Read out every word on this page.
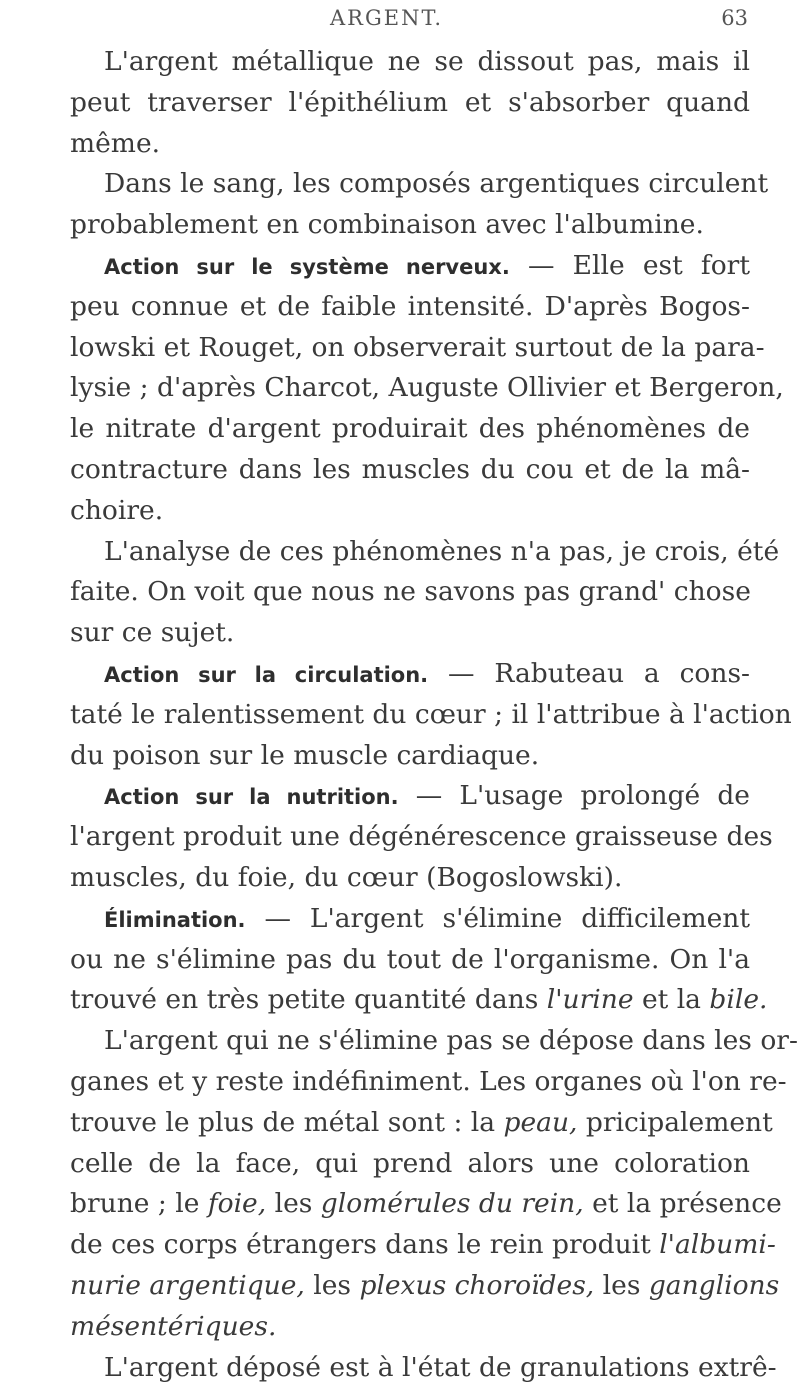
ARGENT.	63
L'argent métallique ne se dissout pas, mais il
peut traverser l'épithélium et s'absorber quand
même.
Dans le sang, les composés argentiques circulent
probablement en combinaison avec l'albumine.
Action sur le système nerveux. — Elle est fort
peu connue et de faible intensité. D'après Bogos-
lowski et Rouget, on observerait surtout de la para-
lysie ; d'après Charcot, Auguste Ollivier et Bergeron,
le nitrate d'argent produirait des phénomènes de
contracture dans les muscles du cou et de la mâ-
choire.
L'analyse de ces phénomènes n'a pas, je crois, été
faite. On voit que nous ne savons pas grand' chose
sur ce sujet.
Action sur la circulation. — Rabuteau a cons-
taté le ralentissement du cœur ; il l'attribue à l'action
du poison sur le muscle cardiaque.
Action sur la nutrition. — L'usage prolongé de
l'argent produit une dégénérescence graisseuse des
muscles, du foie, du cœur (Bogoslowski).
Élimination. — L'argent s'élimine difficilement
ou ne s'élimine pas du tout de l'organisme. On l'a
trouvé en très petite quantité dans l'urine et la bile.
L'argent qui ne s'élimine pas se dépose dans les or-
ganes et y reste indéfiniment. Les organes où l'on re-
trouve le plus de métal sont : la peau, pricipalement
celle de la face, qui prend alors une coloration
brune ; le foie, les glomérules du rein, et la présence
de ces corps étrangers dans le rein produit l'albumi-
nurie argentique, les plexus choroïdes, les ganglions
mésentériques.
L'argent déposé est à l'état de granulations extrê-
